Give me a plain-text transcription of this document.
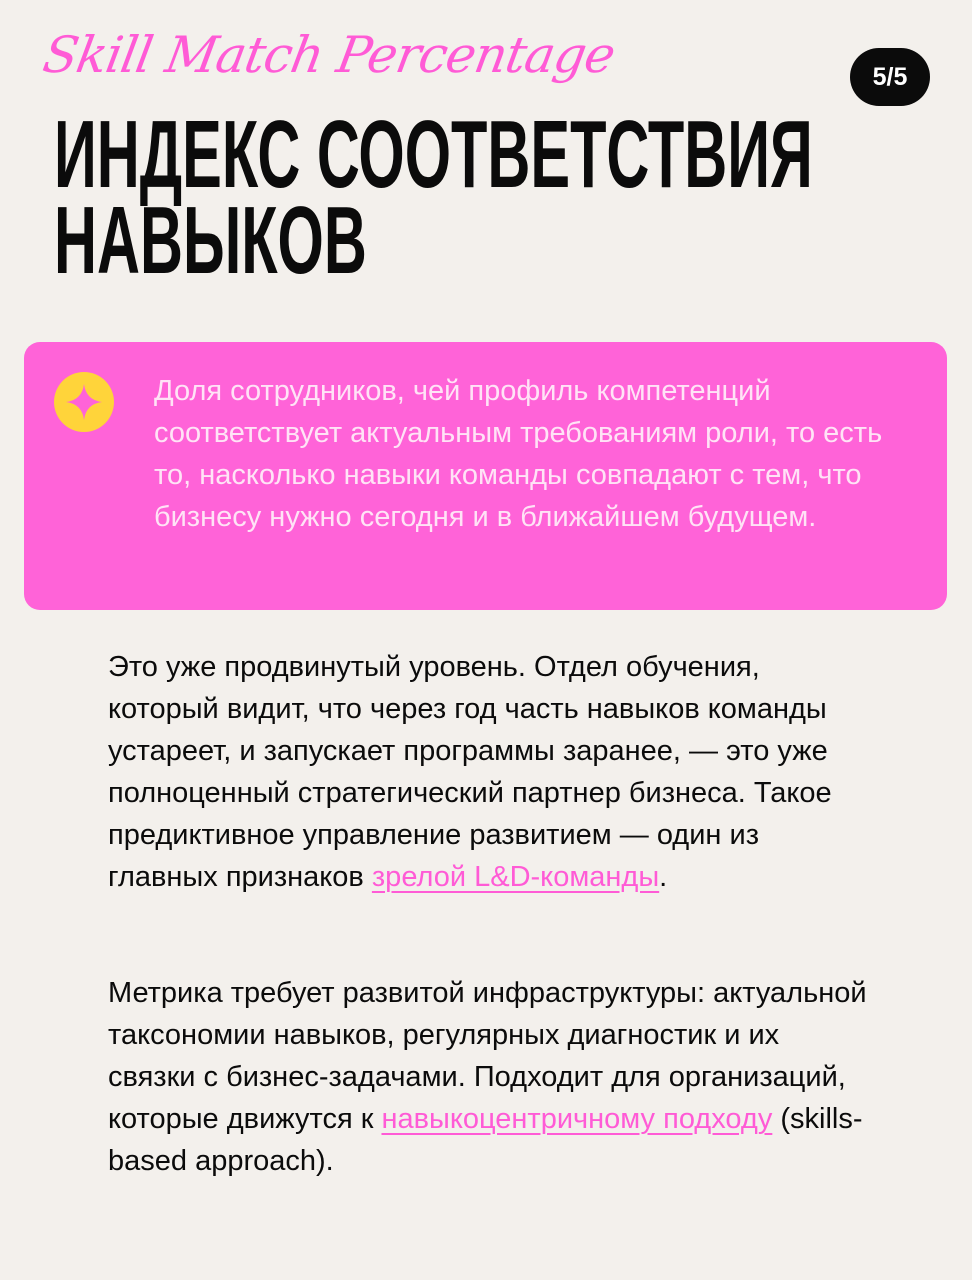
Skill Match Percentage	5/5
ИНДЕКС СООТВЕТСТВИЯ
НАВЫКОВ

Доля сотрудников, чей профиль компетенций соответствует актуальным требованиям роли, то есть то, насколько навыки команды совпадают с тем, что бизнесу нужно сегодня и в ближайшем будущем.

Это уже продвинутый уровень. Отдел обучения, который видит, что через год часть навыков команды устареет, и запускает программы заранее, — это уже полноценный стратегический партнер бизнеса. Такое предиктивное управление развитием — один из главных признаков зрелой L&D-команды.

Метрика требует развитой инфраструктуры: актуальной таксономии навыков, регулярных диагностик и их связки с бизнес-задачами. Подходит для организаций, которые движутся к навыкоцентричному подходу (skills-based approach).
